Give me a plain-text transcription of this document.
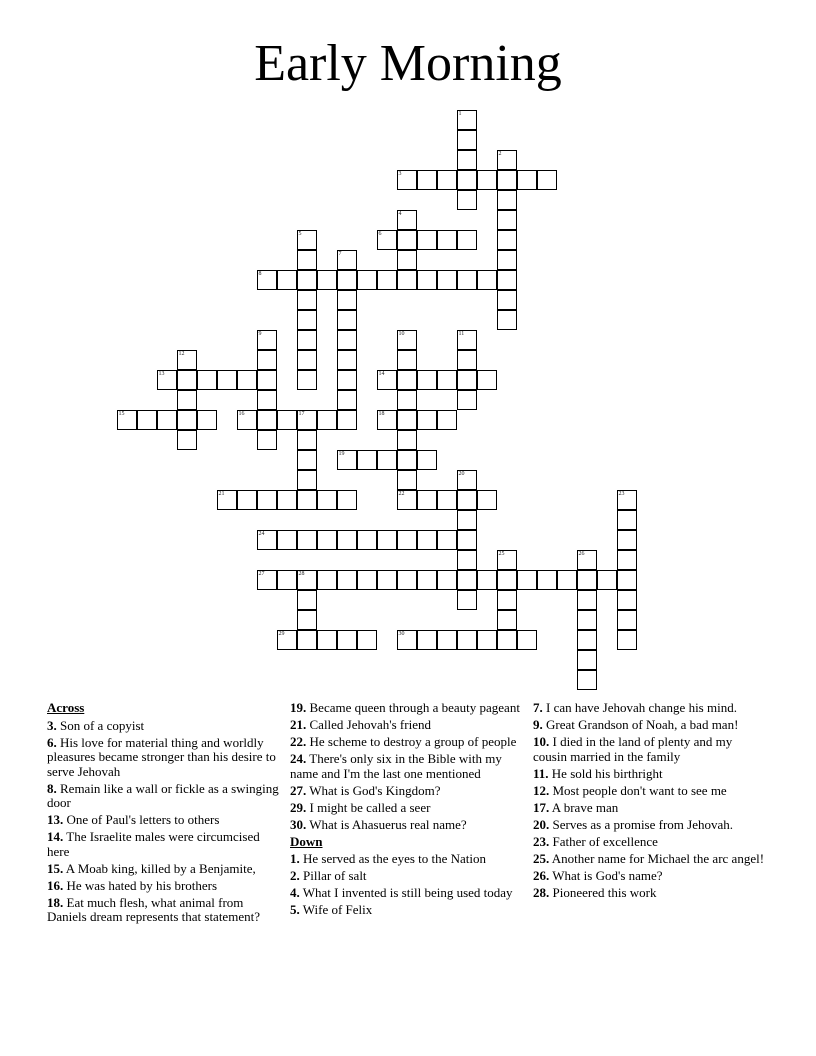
Early Morning
1
2
3
4
5	6
7
8
9	10
22
11
12
13	14
15	16	17	18
19
20
21	23
24
25	26
27	28
29	30
Across
3. Son of a copyist
6. His love for material thing and worldly pleasures became stronger than his desire to serve Jehovah
8. Remain like a wall or fickle as a swinging door
13. One of Paul's letters to others
14. The Israelite males were circumcised here
15. A Moab king, killed by a Benjamite,
16. He was hated by his brothers
18. Eat much flesh, what animal from Daniels dream represents that statement?
19. Became queen through a beauty pageant
21. Called Jehovah's friend
22. He scheme to destroy a group of people
24. There's only six in the Bible with my name and I'm the last one mentioned
27. What is God's Kingdom?
29. I might be called a seer
30. What is Ahasuerus real name?
Down
1. He served as the eyes to the Nation
2. Pillar of salt
4. What I invented is still being used today
5. Wife of Felix
7. I can have Jehovah change his mind.
9. Great Grandson of Noah, a bad man!
10. I died in the land of plenty and my cousin married in the family
11. He sold his birthright
12. Most people don't want to see me
17. A brave man
20. Serves as a promise from Jehovah.
23. Father of excellence
25. Another name for Michael the arc angel!
26. What is God's name?
28. Pioneered this work
